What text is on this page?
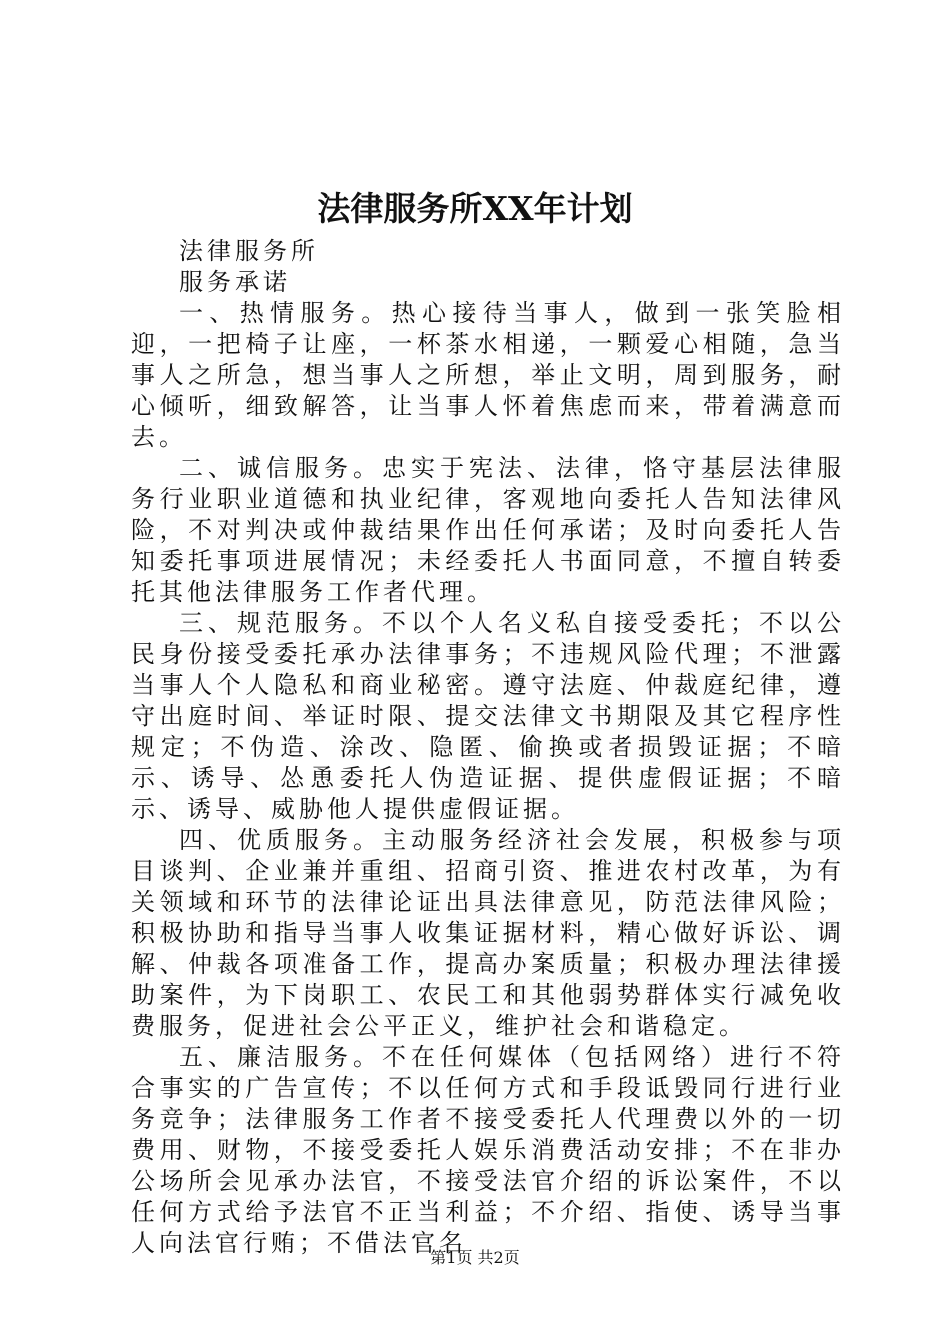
法律服务所XX年计划

法律服务所

服务承诺

一、热情服务。热心接待当事人，做到一张笑脸相迎，一把椅子让座，一杯茶水相递，一颗爱心相随，急当事人之所急，想当事人之所想，举止文明，周到服务，耐心倾听，细致解答，让当事人怀着焦虑而来，带着满意而去。

二、诚信服务。忠实于宪法、法律，恪守基层法律服务行业职业道德和执业纪律，客观地向委托人告知法律风险，不对判决或仲裁结果作出任何承诺；及时向委托人告知委托事项进展情况；未经委托人书面同意，不擅自转委托其他法律服务工作者代理。

三、规范服务。不以个人名义私自接受委托；不以公民身份接受委托承办法律事务；不违规风险代理；不泄露当事人个人隐私和商业秘密。遵守法庭、仲裁庭纪律，遵守出庭时间、举证时限、提交法律文书期限及其它程序性规定；不伪造、涂改、隐匿、偷换或者损毁证据；不暗示、诱导、怂恿委托人伪造证据、提供虚假证据；不暗示、诱导、威胁他人提供虚假证据。

四、优质服务。主动服务经济社会发展，积极参与项目谈判、企业兼并重组、招商引资、推进农村改革，为有关领域和环节的法律论证出具法律意见，防范法律风险；积极协助和指导当事人收集证据材料，精心做好诉讼、调解、仲裁各项准备工作，提高办案质量；积极办理法律援助案件，为下岗职工、农民工和其他弱势群体实行减免收费服务，促进社会公平正义，维护社会和谐稳定。

五、廉洁服务。不在任何媒体（包括网络）进行不符合事实的广告宣传；不以任何方式和手段诋毁同行进行业务竞争；法律服务工作者不接受委托人代理费以外的一切费用、财物，不接受委托人娱乐消费活动安排；不在非办公场所会见承办法官，不接受法官介绍的诉讼案件，不以任何方式给予法官不正当利益；不介绍、指使、诱导当事人向法官行贿；不借法官名

第1页 共2页
